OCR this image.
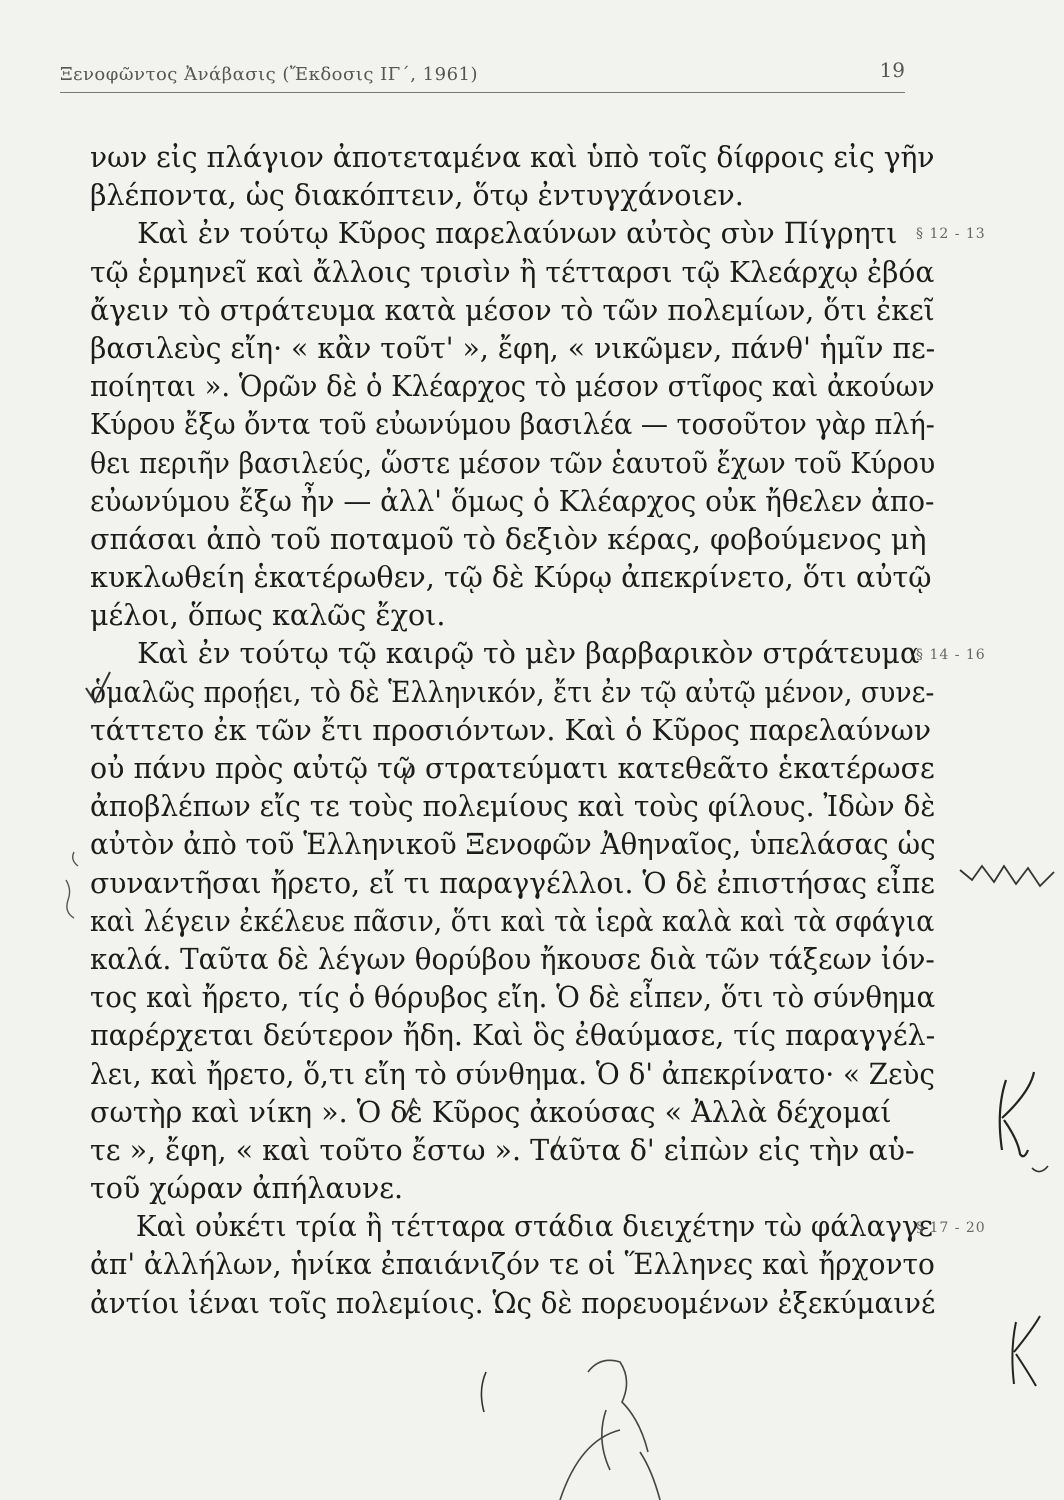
Ξενοφῶντος Ἀνάβασις (Ἔκδοσις ΙΓ΄, 1961)	19
νων εἰς πλάγιον ἀποτεταμένα καὶ ὑπὸ τοῖς δίφροις εἰς γῆν
βλέποντα, ὡς διακόπτειν, ὅτῳ ἐντυγχάνοιεν.
Καὶ ἐν τούτῳ Κῦρος παρελαύνων αὐτὸς σὺν Πίγρητι
τῷ ἑρμηνεῖ καὶ ἄλλοις τρισὶν ἢ τέτταρσι τῷ Κλεάρχῳ ἐβόα
ἄγειν τὸ στράτευμα κατὰ μέσον τὸ τῶν πολεμίων, ὅτι ἐκεῖ
βασιλεὺς εἴη· « κἂν τοῦτ' », ἔφη, « νικῶμεν, πάνθ' ἡμῖν πε-
ποίηται ». Ὁρῶν δὲ ὁ Κλέαρχος τὸ μέσον στῖφος καὶ ἀκούων
Κύρου ἔξω ὄντα τοῦ εὐωνύμου βασιλέα — τοσοῦτον γὰρ πλή-
θει περιῆν βασιλεύς, ὥστε μέσον τῶν ἑαυτοῦ ἔχων τοῦ Κύρου
εὐωνύμου ἔξω ἦν — ἀλλ' ὅμως ὁ Κλέαρχος οὐκ ἤθελεν ἀπο-
σπάσαι ἀπὸ τοῦ ποταμοῦ τὸ δεξιὸν κέρας, φοβούμενος μὴ
κυκλωθείη ἑκατέρωθεν, τῷ δὲ Κύρῳ ἀπεκρίνετο, ὅτι αὐτῷ
μέλοι, ὅπως καλῶς ἔχοι.
Καὶ ἐν τούτῳ τῷ καιρῷ τὸ μὲν βαρβαρικὸν στράτευμα
ὁμαλῶς προῄει, τὸ δὲ Ἑλληνικόν, ἔτι ἐν τῷ αὐτῷ μένον, συνε-
τάττετο ἐκ τῶν ἔτι προσιόντων. Καὶ ὁ Κῦρος παρελαύνων
οὐ πάνυ πρὸς αὐτῷ τῷ στρατεύματι κατεθεᾶτο ἑκατέρωσε
ἀποβλέπων εἴς τε τοὺς πολεμίους καὶ τοὺς φίλους. Ἰδὼν δὲ
αὐτὸν ἀπὸ τοῦ Ἑλληνικοῦ Ξενοφῶν Ἀθηναῖος, ὑπελάσας ὡς
συναντῆσαι ἤρετο, εἴ τι παραγγέλλοι. Ὁ δὲ ἐπιστήσας εἶπε
καὶ λέγειν ἐκέλευε πᾶσιν, ὅτι καὶ τὰ ἱερὰ καλὰ καὶ τὰ σφάγια
καλά. Ταῦτα δὲ λέγων θορύβου ἤκουσε διὰ τῶν τάξεων ἰόν-
τος καὶ ἤρετο, τίς ὁ θόρυβος εἴη. Ὁ δὲ εἶπεν, ὅτι τὸ σύνθημα
παρέρχεται δεύτερον ἤδη. Καὶ ὃς ἐθαύμασε, τίς παραγγέλ-
λει, καὶ ἤρετο, ὅ,τι εἴη τὸ σύνθημα. Ὁ δ' ἀπεκρίνατο· « Ζεὺς
σωτὴρ καὶ νίκη ». Ὁ δὲ Κῦρος ἀκούσας « Ἀλλὰ δέχομαί
τε », ἔφη, « καὶ τοῦτο ἔστω ». Ταῦτα δ' εἰπὼν εἰς τὴν αὑ-
τοῦ χώραν ἀπήλαυνε.
Καὶ οὐκέτι τρία ἢ τέτταρα στάδια διειχέτην τὼ φάλαγγε
ἀπ' ἀλλήλων, ἡνίκα ἐπαιάνιζόν τε οἱ Ἕλληνες καὶ ἤρχοντο
ἀντίοι ἰέναι τοῖς πολεμίοις. Ὡς δὲ πορευομένων ἐξεκύμαινέ
§ 12 - 13
§ 14 - 16
§ 17 - 20
